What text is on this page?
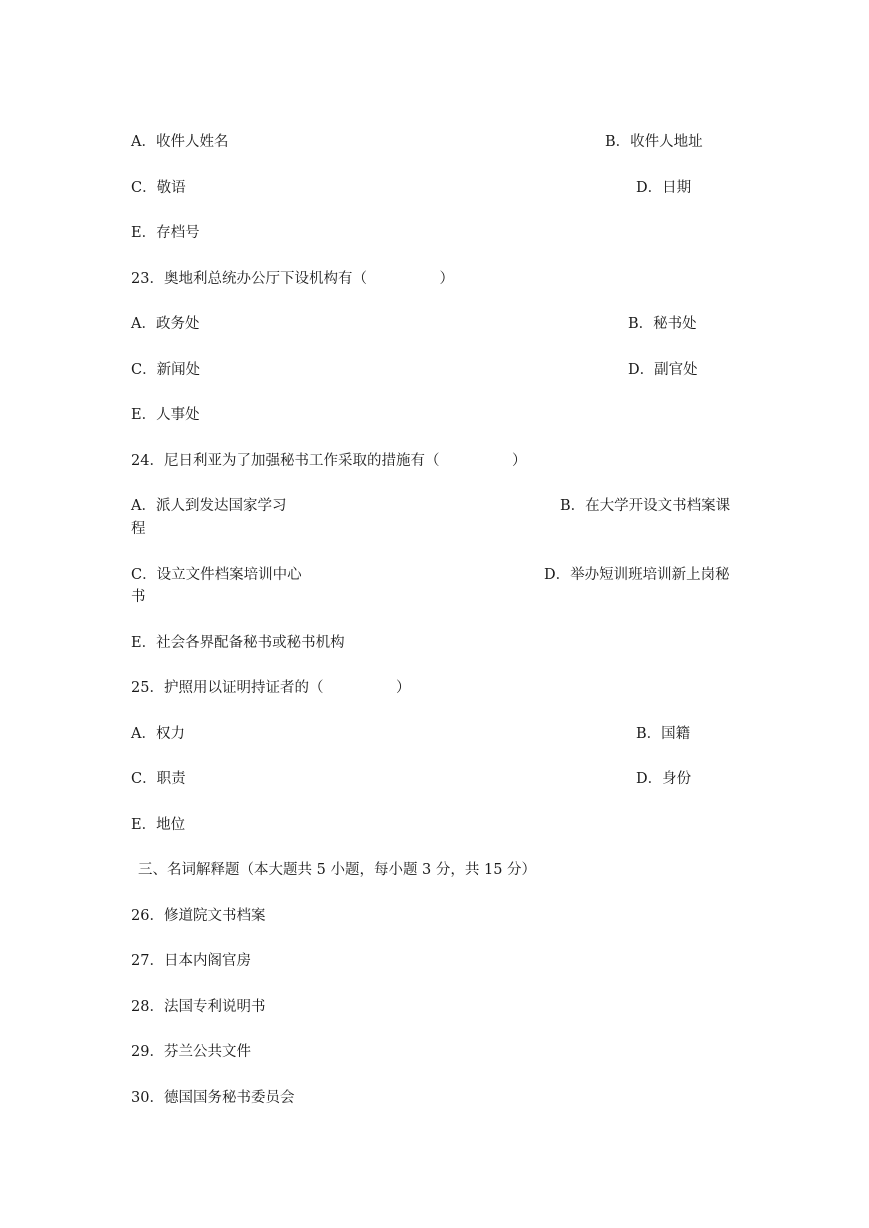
A．收件人姓名	B．收件人地址
C．敬语	D．日期
E．存档号
23．奥地利总统办公厅下设机构有（　　　　　）
A．政务处	B．秘书处
C．新闻处	D．副官处
E．人事处
24．尼日利亚为了加强秘书工作采取的措施有（　　　　　）
A．派人到发达国家学习	B．在大学开设文书档案课
程
C．设立文件档案培训中心	D．举办短训班培训新上岗秘
书
E．社会各界配备秘书或秘书机构
25．护照用以证明持证者的（　　　　　）
A．权力	B．国籍
C．职责	D．身份
E．地位
三、名词解释题（本大题共 5 小题，每小题 3 分，共 15 分）
26．修道院文书档案
27．日本内阁官房
28．法国专利说明书
29．芬兰公共文件
30．德国国务秘书委员会
